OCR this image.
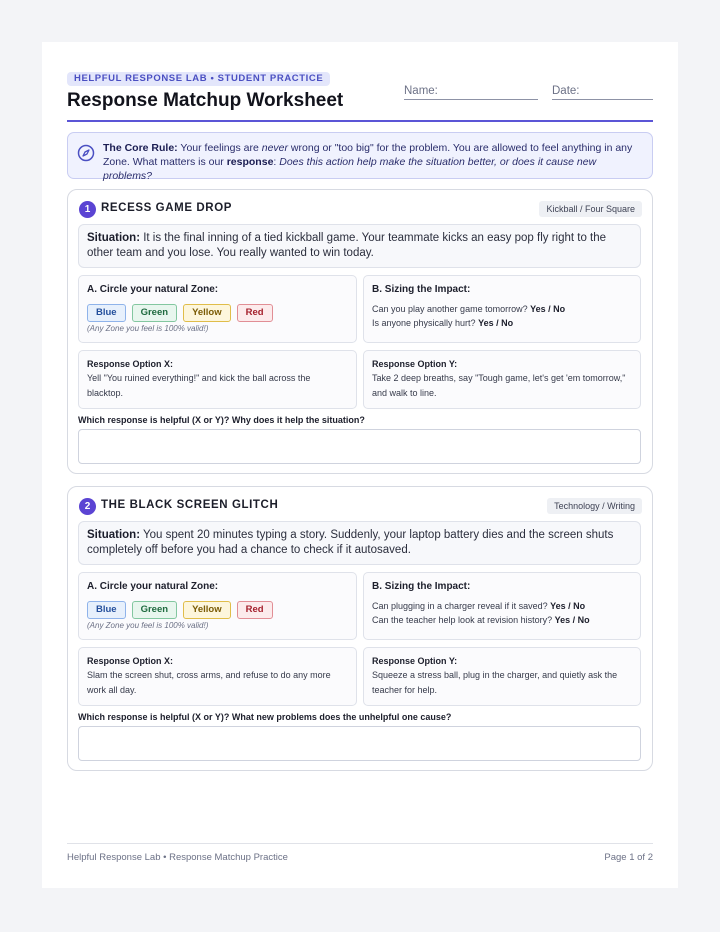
HELPFUL RESPONSE LAB • STUDENT PRACTICE
Response Matchup Worksheet	Name:	Date:
The Core Rule: Your feelings are never wrong or "too big" for the problem. You are allowed to feel anything in any Zone. What matters is our response: Does this action help make the situation better, or does it cause new problems?
1 RECESS GAME DROP	Kickball / Four Square
Situation: It is the final inning of a tied kickball game. Your teammate kicks an easy pop fly right to the other team and you lose. You really wanted to win today.
A. Circle your natural Zone:
Blue	Green	Yellow	Red
(Any Zone you feel is 100% valid!)
B. Sizing the Impact:
Can you play another game tomorrow? Yes / No
Is anyone physically hurt? Yes / No
Response Option X:
Yell "You ruined everything!" and kick the ball across the blacktop.
Response Option Y:
Take 2 deep breaths, say "Tough game, let's get 'em tomorrow," and walk to line.
Which response is helpful (X or Y)? Why does it help the situation?
2 THE BLACK SCREEN GLITCH	Technology / Writing
Situation: You spent 20 minutes typing a story. Suddenly, your laptop battery dies and the screen shuts completely off before you had a chance to check if it autosaved.
A. Circle your natural Zone:
Blue	Green	Yellow	Red
(Any Zone you feel is 100% valid!)
B. Sizing the Impact:
Can plugging in a charger reveal if it saved? Yes / No
Can the teacher help look at revision history? Yes / No
Response Option X:
Slam the screen shut, cross arms, and refuse to do any more work all day.
Response Option Y:
Squeeze a stress ball, plug in the charger, and quietly ask the teacher for help.
Which response is helpful (X or Y)? What new problems does the unhelpful one cause?
Helpful Response Lab • Response Matchup Practice	Page 1 of 2
